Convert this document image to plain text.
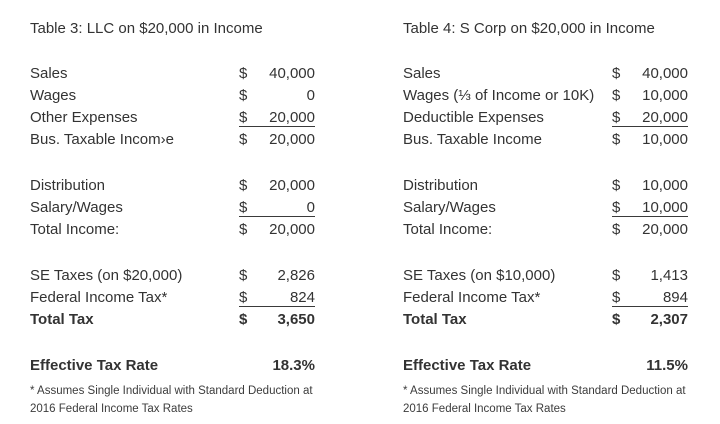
Table 3: LLC on $20,000 in Income
Sales	$ 40,000
Wages	$	0
Other Expenses	$ 20,000
Bus. Taxable Incom›e	$ 20,000
Distribution	$ 20,000
Salary/Wages	$	0
Total Income:	$ 20,000
SE Taxes (on $20,000)	$ 2,826
Federal Income Tax*	$	824
Total Tax	$ 3,650
Effective Tax Rate	18.3%
* Assumes Single Individual with Standard Deduction at
2016 Federal Income Tax Rates
Table 4: S Corp on $20,000 in Income
Sales	$ 40,000
Wages (⅓ of Income or 10K)	$ 10,000
Deductible Expenses	$ 20,000
Bus. Taxable Income	$ 10,000
Distribution	$ 10,000
Salary/Wages	$ 10,000
Total Income:	$ 20,000
SE Taxes (on $10,000)	$ 1,413
Federal Income Tax*	$	894
Total Tax	$ 2,307
Effective Tax Rate	11.5%
* Assumes Single Individual with Standard Deduction at
2016 Federal Income Tax Rates
